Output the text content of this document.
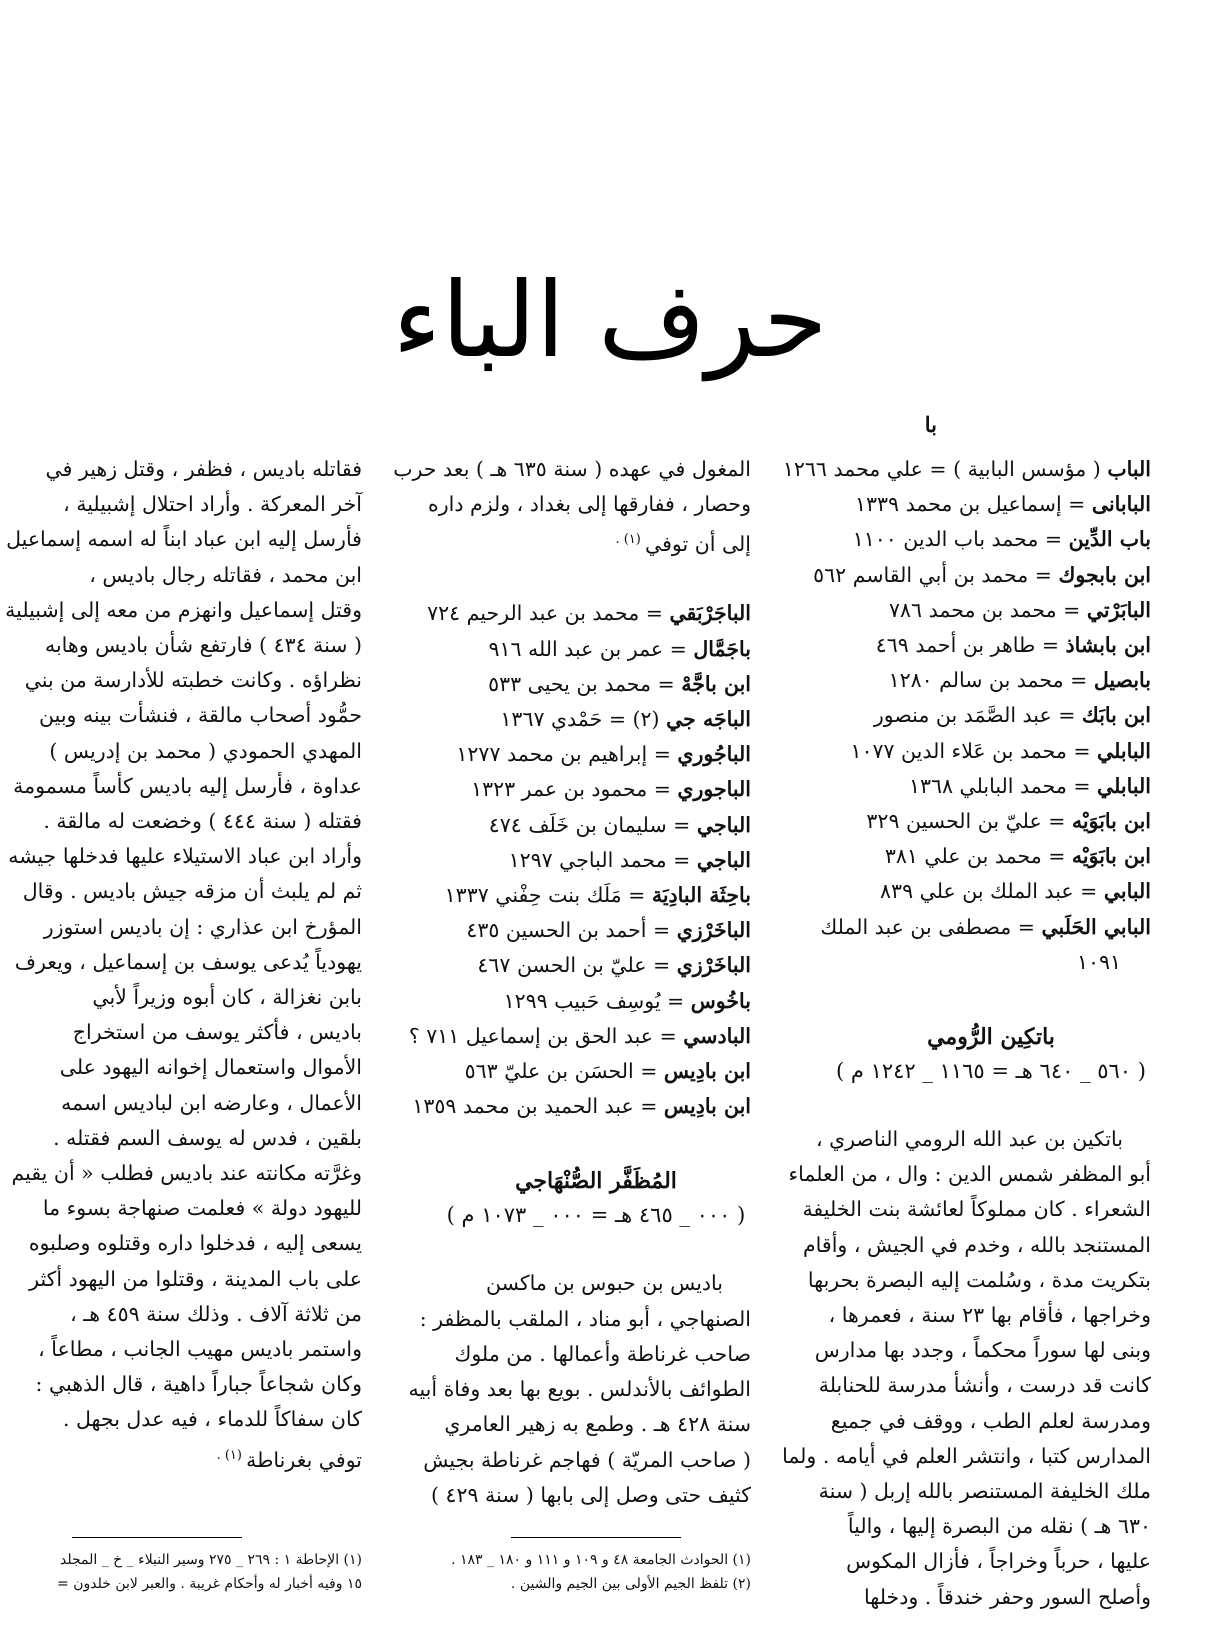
حرف الباء
با
الباب ( مؤسس البابية ) = علي محمد ١٢٦٦
البابانی = إسماعيل بن محمد ١٣٣٩
باب الدِّين = محمد باب الدين ١١٠٠
ابن بابجوك = محمد بن أبي القاسم ٥٦٢
البابَرْتي = محمد بن محمد ٧٨٦
ابن بابشاذ = طاهر بن أحمد ٤٦٩
بابصيل = محمد بن سالم ١٢٨٠
ابن بابَك = عبد الصَّمَد بن منصور
البابلي = محمد بن عَلاء الدين ١٠٧٧
البابلي = محمد البابلي ١٣٦٨
ابن بابَوَيْه = عليّ بن الحسين ٣٢٩
ابن بابَوَيْه = محمد بن علي ٣٨١
البابي = عبد الملك بن علي ٨٣٩
البابي الحَلَبي = مصطفى بن عبد الملك
١٠٩١
باتكِين الرُّومي
( ٥٦٠ _ ٦٤٠ هـ = ١١٦٥ _ ١٢٤٢ م )
باتكين بن عبد الله الرومي الناصري ،
أبو المظفر شمس الدين : وال ، من العلماء
الشعراء . كان مملوكاً لعائشة بنت الخليفة
المستنجد بالله ، وخدم في الجيش ، وأقام
بتكريت مدة ، وسُلمت إليه البصرة بحربها
وخراجها ، فأقام بها ٢٣ سنة ، فعمرها ،
وبنى لها سوراً محكماً ، وجدد بها مدارس
كانت قد درست ، وأنشأ مدرسة للحنابلة
ومدرسة لعلم الطب ، ووقف في جميع
المدارس كتبا ، وانتشر العلم في أيامه . ولما
ملك الخليفة المستنصر بالله إربل ( سنة
٦٣٠ هـ ) نقله من البصرة إليها ، والياً
عليها ، حرباً وخراجاً ، فأزال المكوس
وأصلح السور وحفر خندقاً . ودخلها
المغول في عهده ( سنة ٦٣٥ هـ ) بعد حرب
وحصار ، ففارقها إلى بغداد ، ولزم داره
إلى أن توفي $^{(١) .}$
الباجَرْبَقي = محمد بن عبد الرحيم ٧٢٤
باجَمَّال = عمر بن عبد الله ٩١٦
ابن باجَّهْ = محمد بن يحيى ٥٣٣
الباجَه جي (٢) = حَمْدي ١٣٦٧
الباجُوري = إبراهيم بن محمد ١٢٧٧
الباجوري = محمود بن عمر ١٣٢٣
الباجي = سليمان بن خَلَف ٤٧٤
الباجي = محمد الباجي ١٢٩٧
باحِثَة البادِيَة = مَلَك بنت حِفْني ١٣٣٧
الباخَرْزي = أحمد بن الحسين ٤٣٥
الباخَرْزي = عليّ بن الحسن ٤٦٧
باخُوس = يُوسِف حَبيب ١٢٩٩
البادسي = عبد الحق بن إسماعيل ٧١١ ؟
ابن بادِيس = الحسَن بن عليّ ٥٦٣
ابن بادِيس = عبد الحميد بن محمد ١٣٥٩
المُظَفَّر الصُّنْهَاجي
( ٠٠٠ _ ٤٦٥ هـ = ٠٠٠ _ ١٠٧٣ م )
باديس بن حبوس بن ماكسن
الصنهاجي ، أبو مناد ، الملقب بالمظفر :
صاحب غرناطة وأعمالها . من ملوك
الطوائف بالأندلس . بويع بها بعد وفاة أبيه
سنة ٤٢٨ هـ . وطمع به زهير العامري
( صاحب المريّة ) فهاجم غرناطة بجيش
كثيف حتى وصل إلى بابها ( سنة ٤٢٩ )
فقاتله باديس ، فظفر ، وقتل زهير في
آخر المعركة . وأراد احتلال إشبيلية ،
فأرسل إليه ابن عباد ابناً له اسمه إسماعيل
ابن محمد ، فقاتله رجال باديس ،
وقتل إسماعيل وانهزم من معه إلى إشبيلية
( سنة ٤٣٤ ) فارتفع شأن باديس وهابه
نظراؤه . وكانت خطبته للأدارسة من بني
حمُّود أصحاب مالقة ، فنشأت بينه وبين
المهدي الحمودي ( محمد بن إدريس )
عداوة ، فأرسل إليه باديس كأساً مسمومة
فقتله ( سنة ٤٤٤ ) وخضعت له مالقة .
وأراد ابن عباد الاستيلاء عليها فدخلها جيشه
ثم لم يلبث أن مزقه جيش باديس . وقال
المؤرخ ابن عذاري : إن باديس استوزر
يهودياً يُدعى يوسف بن إسماعيل ، ويعرف
بابن نغزالة ، كان أبوه وزيراً لأبي
باديس ، فأكثر يوسف من استخراج
الأموال واستعمال إخوانه اليهود على
الأعمال ، وعارضه ابن لباديس اسمه
بلقين ، فدس له يوسف السم فقتله .
وغرَّته مكانته عند باديس فطلب « أن يقيم
لليهود دولة » فعلمت صنهاجة بسوء ما
يسعى إليه ، فدخلوا داره وقتلوه وصلبوه
على باب المدينة ، وقتلوا من اليهود أكثر
من ثلاثة آلاف . وذلك سنة ٤٥٩ هـ ،
واستمر باديس مهيب الجانب ، مطاعاً ،
وكان شجاعاً جباراً داهية ، قال الذهبي :
كان سفاكاً للدماء ، فيه عدل بجهل .
توفي بغرناطة $^{(١) .}$
(١) الحوادث الجامعة ٤٨ و ١٠٩ و ١١١ و ١٨٠ _ ١٨٣ .
(٢) تلفظ الجيم الأولى بين الجيم والشين .
(١) الإحاطة ١ : ٢٦٩ _ ٢٧٥ وسير النبلاء _ خ _ المجلد
١٥ وفيه أخبار له وأحكام غريبة . والعبر لابن خلدون =
